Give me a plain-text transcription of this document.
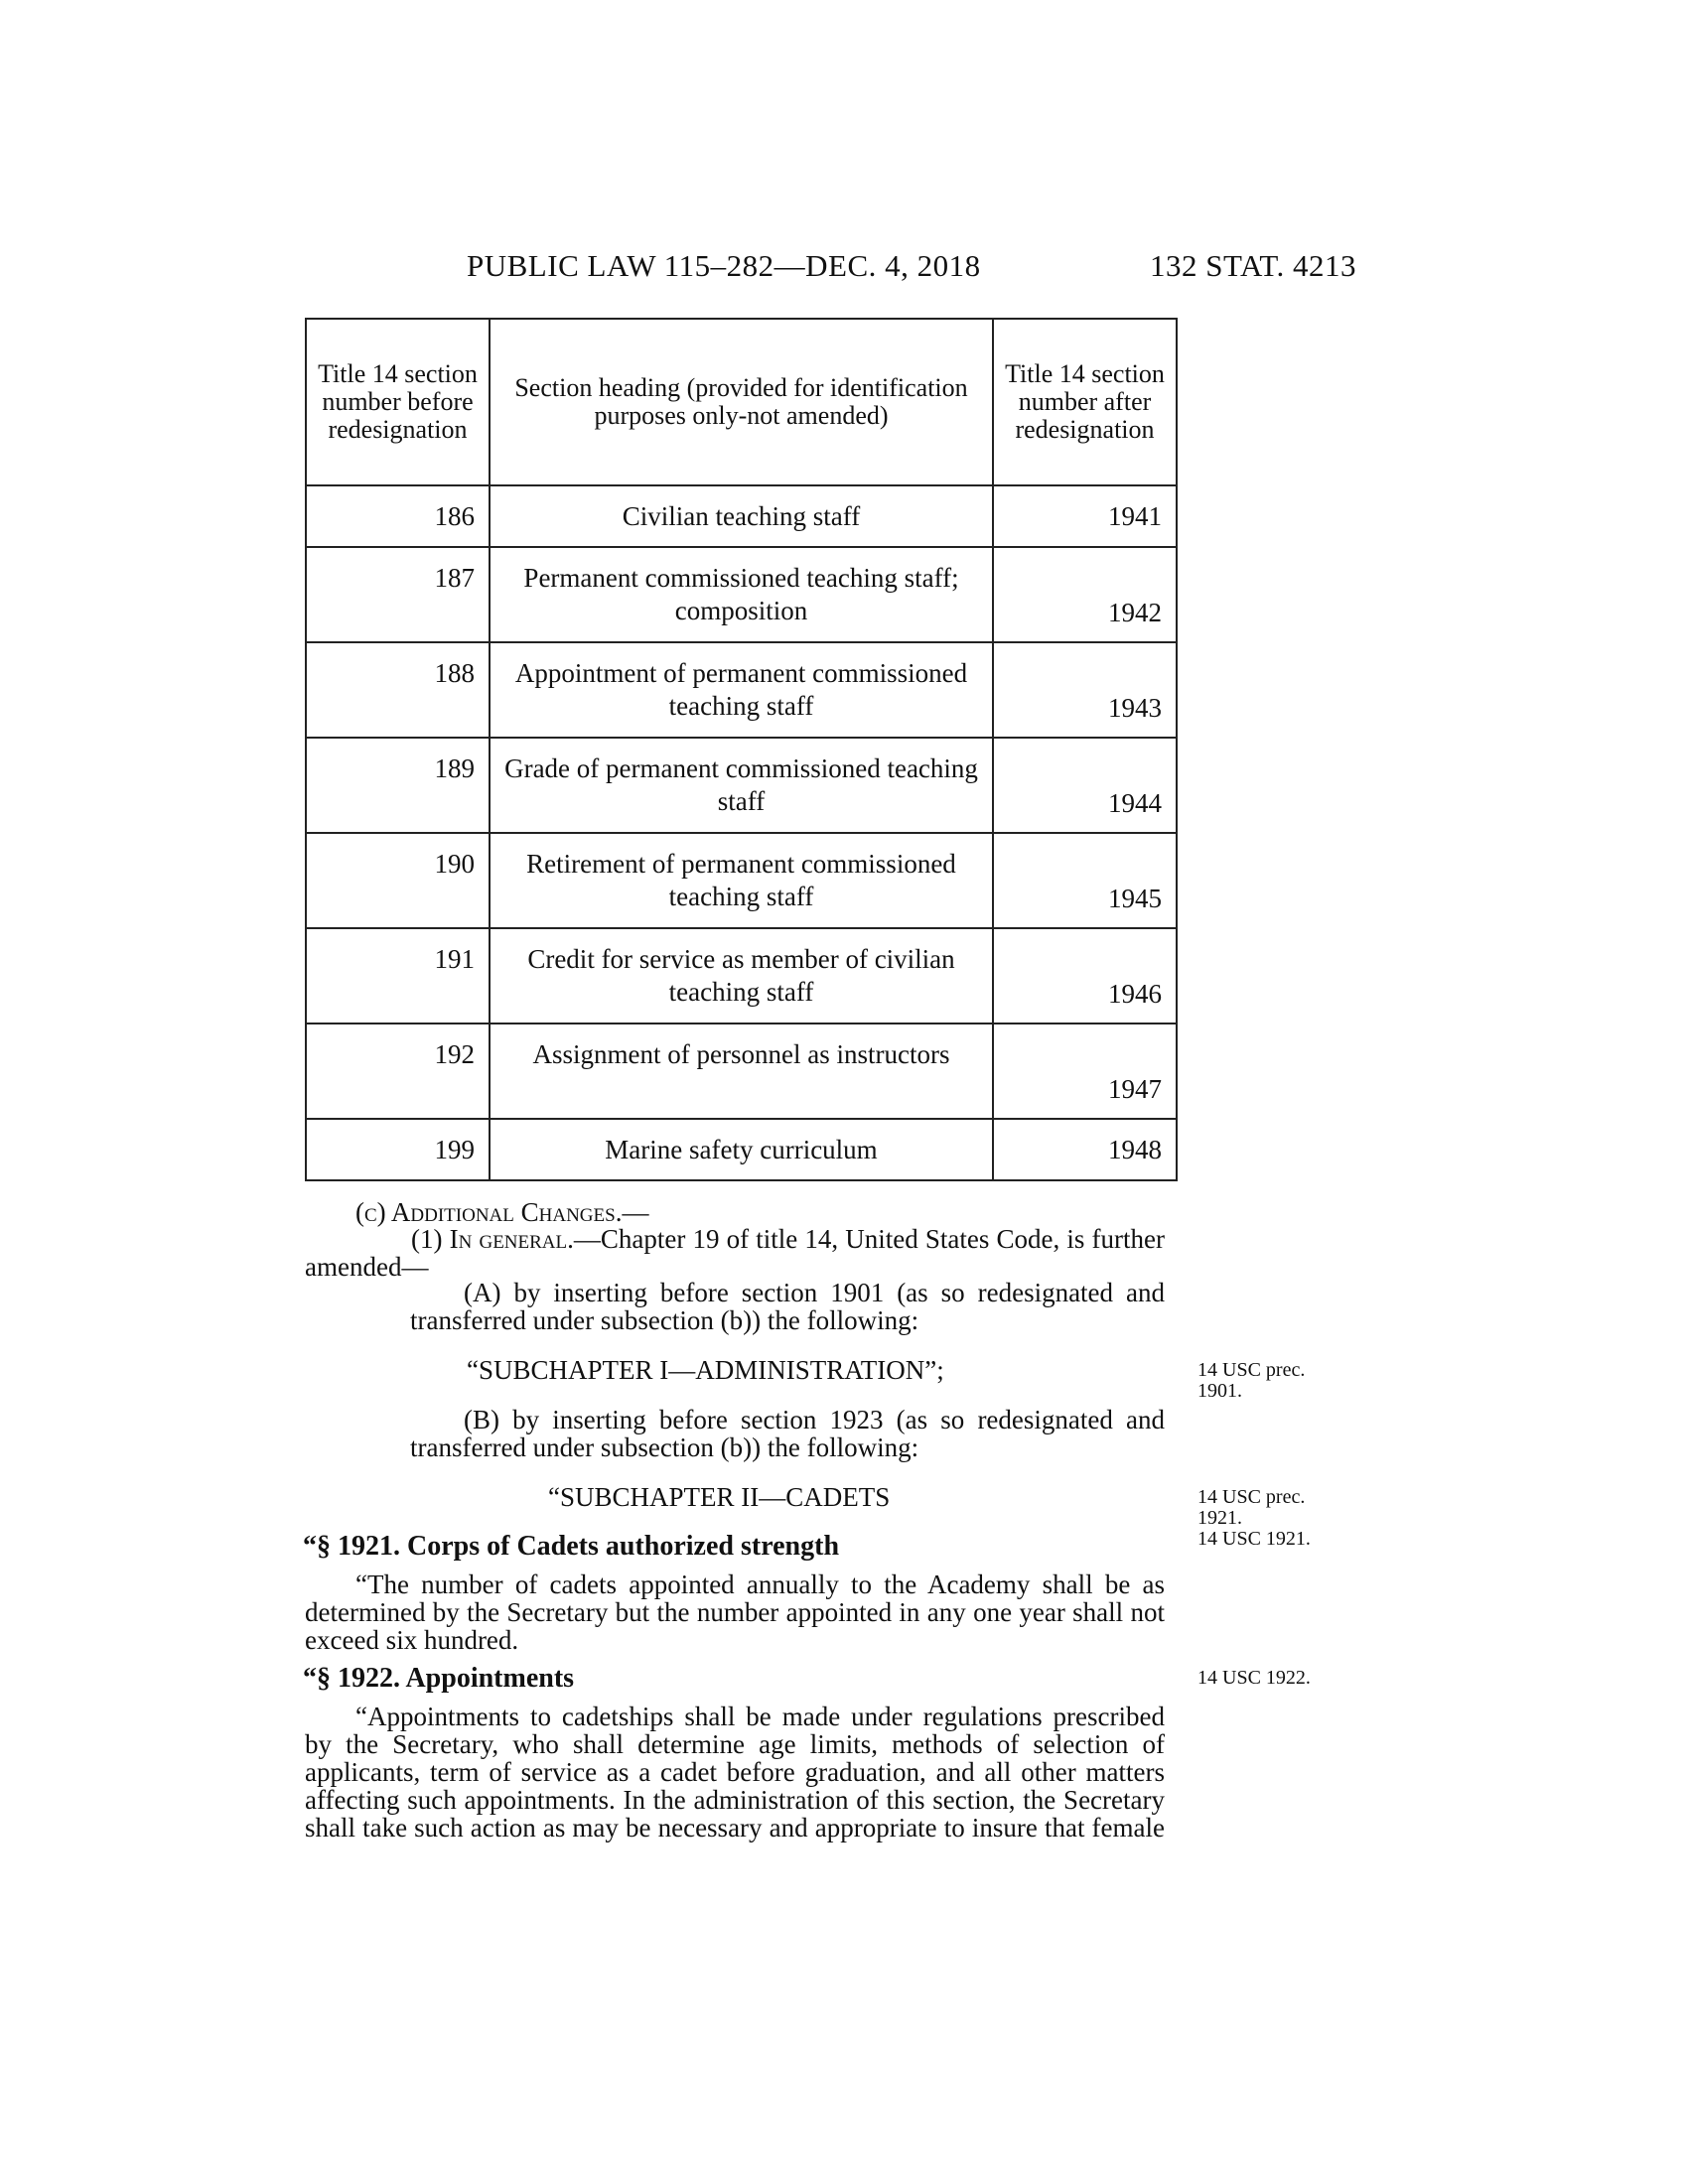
PUBLIC LAW 115–282—DEC. 4, 2018	132 STAT. 4213
Title 14 section number before redesignation	Section heading (provided for identification purposes only-not amended)	Title 14 section number after redesignation
186	Civilian teaching staff	1941
187	Permanent commissioned teaching staff; composition	1942
188	Appointment of permanent commissioned teaching staff	1943
189	Grade of permanent commissioned teaching staff	1944
190	Retirement of permanent commissioned teaching staff	1945
191	Credit for service as member of civilian teaching staff	1946
192	Assignment of personnel as instructors	1947
199	Marine safety curriculum	1948
(c) Additional Changes.—
(1) In general.—Chapter 19 of title 14, United States Code, is further amended—
(A) by inserting before section 1901 (as so redesignated and transferred under subsection (b)) the following:
“SUBCHAPTER I—ADMINISTRATION”;
(B) by inserting before section 1923 (as so redesignated and transferred under subsection (b)) the following:
“SUBCHAPTER II—CADETS
“§ 1921. Corps of Cadets authorized strength
“The number of cadets appointed annually to the Academy shall be as determined by the Secretary but the number appointed in any one year shall not exceed six hundred.
“§ 1922. Appointments
“Appointments to cadetships shall be made under regulations prescribed by the Secretary, who shall determine age limits, methods of selection of applicants, term of service as a cadet before graduation, and all other matters affecting such appointments. In the administration of this section, the Secretary shall take such action as may be necessary and appropriate to insure that female
14 USC prec. 1901.
14 USC prec. 1921.
14 USC 1921.
14 USC 1922.
